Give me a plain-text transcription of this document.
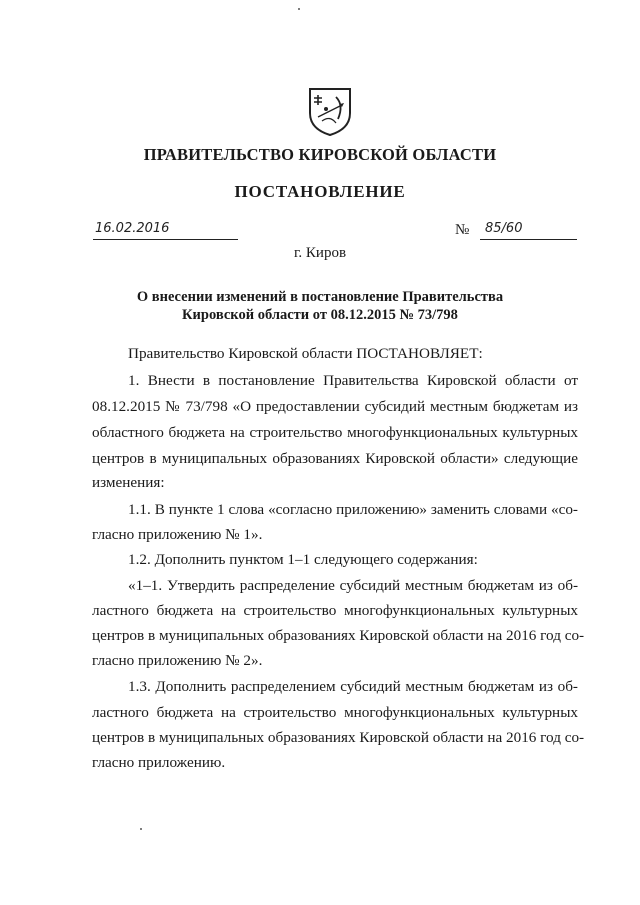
ПРАВИТЕЛЬСТВО КИРОВСКОЙ ОБЛАСТИ
ПОСТАНОВЛЕНИЕ
16.02.2016	№ 85/60
г. Киров
О внесении изменений в постановление Правительства
Кировской области от 08.12.2015 № 73/798
Правительство Кировской области ПОСТАНОВЛЯЕТ:
1. Внести в постановление Правительства Кировской области от
08.12.2015 № 73/798 «О предоставлении субсидий местным бюджетам из
областного бюджета на строительство многофункциональных культурных
центров в муниципальных образованиях Кировской области» следующие
изменения:
1.1. В пункте 1 слова «согласно приложению» заменить словами «со-
гласно приложению № 1».
1.2. Дополнить пунктом 1–1 следующего содержания:
«1–1. Утвердить распределение субсидий местным бюджетам из об-
ластного бюджета на строительство многофункциональных культурных
центров в муниципальных образованиях Кировской области на 2016 год со-
гласно приложению № 2».
1.3. Дополнить распределением субсидий местным бюджетам из об-
ластного бюджета на строительство многофункциональных культурных
центров в муниципальных образованиях Кировской области на 2016 год со-
гласно приложению.
